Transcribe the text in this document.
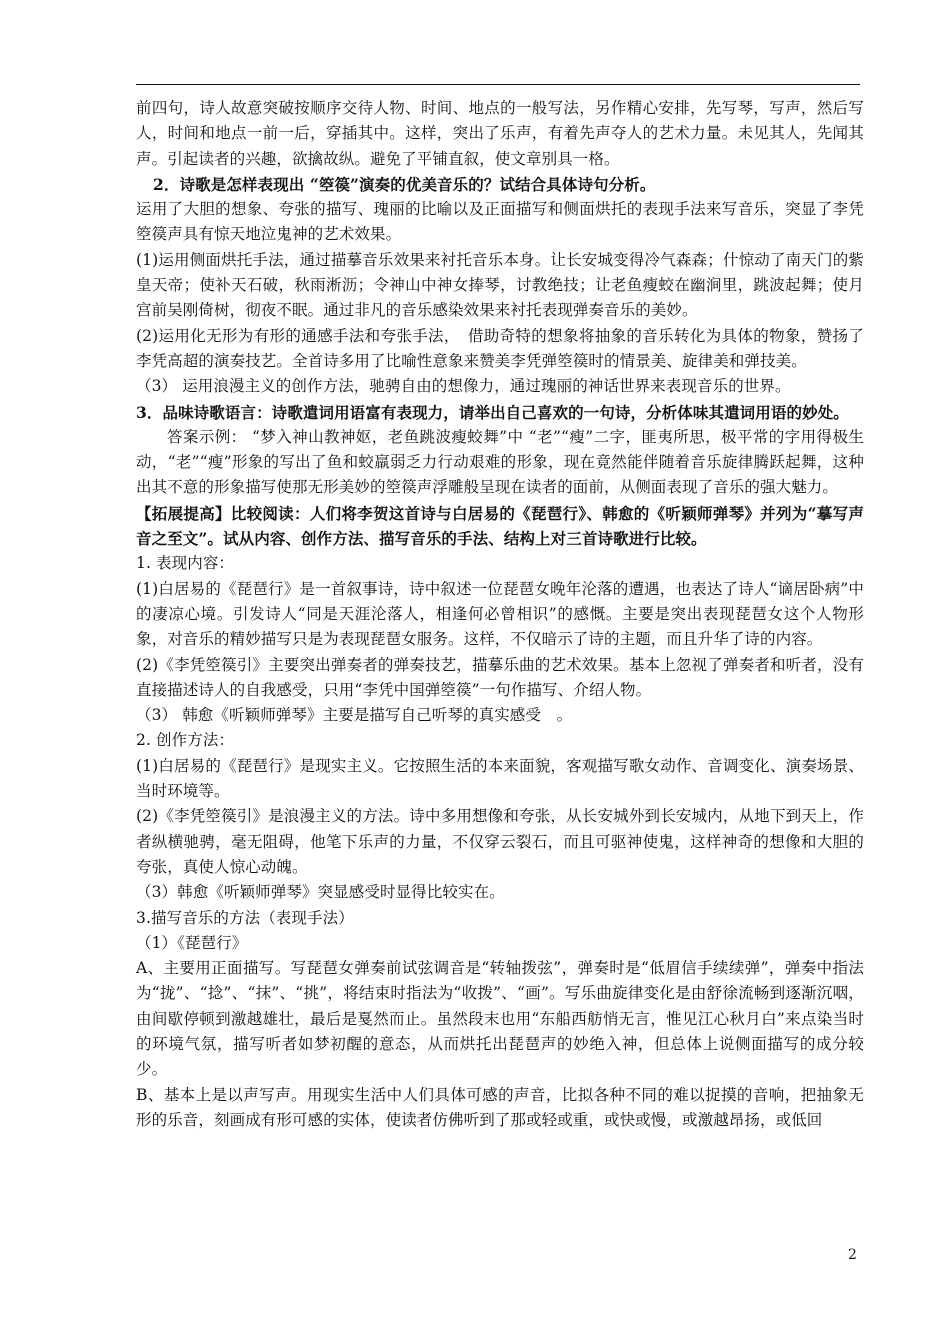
前四句，诗人故意突破按顺序交待人物、时间、地点的一般写法，另作精心安排，先写琴，写声，然后写人，时间和地点一前一后，穿插其中。这样，突出了乐声，有着先声夺人的艺术力量。未见其人，先闻其声。引起读者的兴趣，欲擒故纵。避免了平铺直叙，使文章别具一格。

2．诗歌是怎样表现出 “箜篌”演奏的优美音乐的？试结合具体诗句分析。

运用了大胆的想象、夸张的描写、瑰丽的比喻以及正面描写和侧面烘托的表现手法来写音乐，突显了李凭箜篌声具有惊天地泣鬼神的艺术效果。

(1)运用侧面烘托手法，通过描摹音乐效果来衬托音乐本身。让长安城变得冷气森森；什惊动了南天门的紫皇天帝；使补天石破，秋雨淅沥；令神山中神女捧琴，讨教绝技；让老鱼瘦蛟在幽涧里，跳波起舞；使月宫前吴刚倚树，彻夜不眠。通过非凡的音乐感染效果来衬托表现弹奏音乐的美妙。

(2)运用化无形为有形的通感手法和夸张手法，　借助奇特的想象将抽象的音乐转化为具体的物象，赞扬了李凭高超的演奏技艺。全首诗多用了比喻性意象来赞美李凭弹箜篌时的情景美、旋律美和弹技美。

（3） 运用浪漫主义的创作方法，驰骋自由的想像力，通过瑰丽的神话世界来表现音乐的世界。

3．品味诗歌语言：诗歌遣词用语富有表现力，请举出自己喜欢的一句诗，分析体味其遣词用语的妙处。

答案示例： “梦入神山教神妪，老鱼跳波瘦蛟舞”中 “老”“瘦”二字，匪夷所思，极平常的字用得极生动，“老”“瘦”形象的写出了鱼和蛟羸弱乏力行动艰难的形象，现在竟然能伴随着音乐旋律腾跃起舞，这种出其不意的形象描写使那无形美妙的箜篌声浮雕般呈现在读者的面前，从侧面表现了音乐的强大魅力。

【拓展提高】比较阅读：人们将李贺这首诗与白居易的《琵琶行》、韩愈的《听颖师弹琴》并列为“摹写声音之至文”。试从内容、创作方法、描写音乐的手法、结构上对三首诗歌进行比较。

1. 表现内容：

(1)白居易的《琵琶行》是一首叙事诗，诗中叙述一位琵琶女晚年沦落的遭遇，也表达了诗人“谪居卧病”中的凄凉心境。引发诗人“同是天涯沦落人，相逢何必曾相识”的感慨。主要是突出表现琵琶女这个人物形象，对音乐的精妙描写只是为表现琵琶女服务。这样，不仅暗示了诗的主题，而且升华了诗的内容。

(2)《李凭箜篌引》主要突出弹奏者的弹奏技艺，描摹乐曲的艺术效果。基本上忽视了弹奏者和听者，没有直接描述诗人的自我感受，只用“李凭中国弹箜篌”一句作描写、介绍人物。

（3） 韩愈《听颖师弹琴》主要是描写自己听琴的真实感受　。

2. 创作方法：

(1)白居易的《琵琶行》是现实主义。它按照生活的本来面貌，客观描写歌女动作、音调变化、演奏场景、当时环境等。

(2)《李凭箜篌引》是浪漫主义的方法。诗中多用想像和夸张，从长安城外到长安城内，从地下到天上，作者纵横驰骋，毫无阻碍，他笔下乐声的力量，不仅穿云裂石，而且可驱神使鬼，这样神奇的想像和大胆的夸张，真使人惊心动魄。

（3）韩愈《听颖师弹琴》突显感受时显得比较实在。

3.描写音乐的方法（表现手法）

（1）《琵琶行》

A、主要用正面描写。写琵琶女弹奏前试弦调音是“转轴拨弦”，弹奏时是“低眉信手续续弹”，弹奏中指法为“拢”、“捻”、“抹”、“挑”，将结束时指法为“收拨”、“画”。写乐曲旋律变化是由舒徐流畅到逐渐沉咽，由间歇停顿到激越雄壮，最后是戛然而止。虽然段末也用“东船西舫悄无言，惟见江心秋月白”来点染当时的环境气氛，描写听者如梦初醒的意态，从而烘托出琵琶声的妙绝入神，但总体上说侧面描写的成分较少。

B、基本上是以声写声。用现实生活中人们具体可感的声音，比拟各种不同的难以捉摸的音响，把抽象无形的乐音，刻画成有形可感的实体，使读者仿佛听到了那或轻或重，或快或慢，或激越昂扬，或低回

2
